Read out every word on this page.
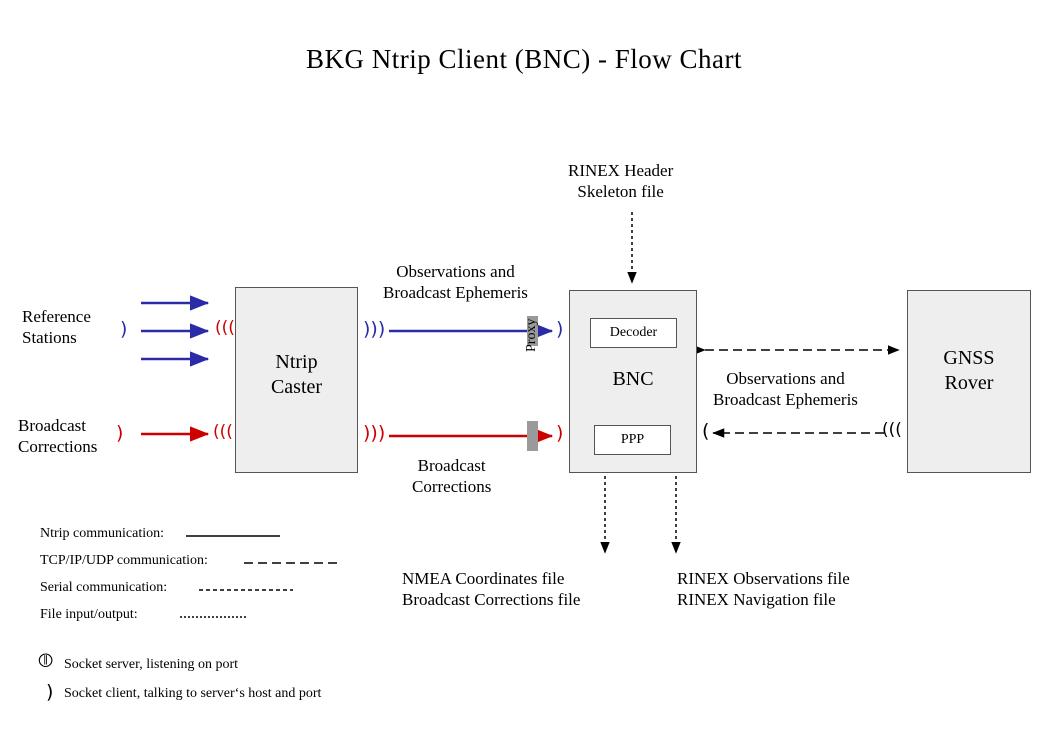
BKG Ntrip Client (BNC) - Flow Chart
Ntrip
Caster	BNC
GNSS
Rover
Decoder
PPP
Proxy
Reference
Stations
Broadcast
Corrections
RINEX Header
Skeleton file
Observations and
Broadcast Ephemeris
Observations and
Broadcast Ephemeris
Broadcast
Corrections
NMEA Coordinates file
Broadcast Corrections file
RINEX Observations file
RINEX Navigation file
)	(((
)	(((
)))
)))
)
)	(	(((
Ntrip communication:
TCP/IP/UDP communication:
Serial communication:
File input/output:
⦷ Socket server, listening on port
) Socket client, talking to server‘s host and port
